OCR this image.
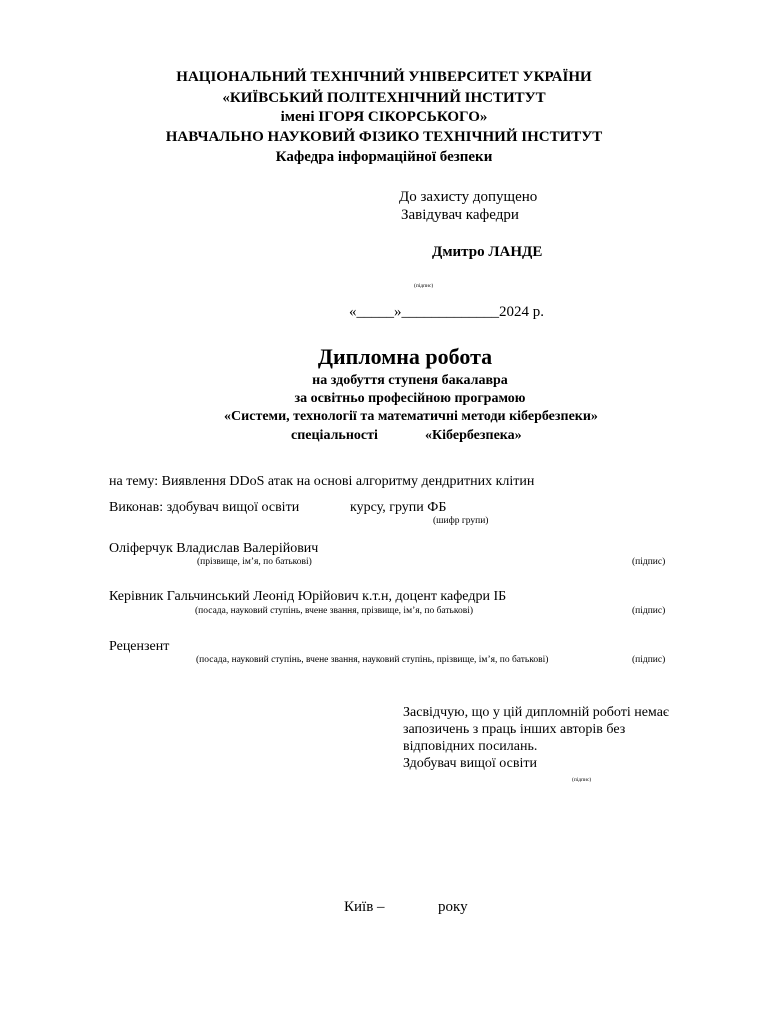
НАЦІОНАЛЬНИЙ ТЕХНІЧНИЙ УНІВЕРСИТЕТ УКРАЇНИ
«КИЇВСЬКИЙ ПОЛІТЕХНІЧНИЙ ІНСТИТУТ
імені ІГОРЯ СІКОРСЬКОГО»
НАВЧАЛЬНО НАУКОВИЙ ФІЗИКО ТЕХНІЧНИЙ ІНСТИТУТ
Кафедра інформаційної безпеки
До захисту допущено
Завідувач кафедри
Дмитро ЛАНДЕ
(підпис)
«_____»_____________2024 р.
Дипломна робота
на здобуття ступеня бакалавра
за освітньо професійною програмою
«Системи, технології та математичні методи кібербезпеки»
спеціальності	«Кібербезпека»
на тему: Виявлення DDoS атак на основі алгоритму дендритних клітин
Виконав: здобувач вищої освіти	курсу, групи ФБ
(шифр групи)
Оліферчук Владислав Валерійович
(прізвище, ім’я, по батькові)	(підпис)
Керівник Гальчинський Леонід Юрійович к.т.н, доцент кафедри ІБ
(посада, науковий ступінь, вчене звання, прізвище, ім’я, по батькові)	(підпис)
Рецензент
(посада, науковий ступінь, вчене звання, науковий ступінь, прізвище, ім’я, по батькові)	(підпис)
Засвідчую, що у цій дипломній роботі немає
запозичень з праць інших авторів без
відповідних посилань.
Здобувач вищої освіти
(підпис)
Київ –	року
